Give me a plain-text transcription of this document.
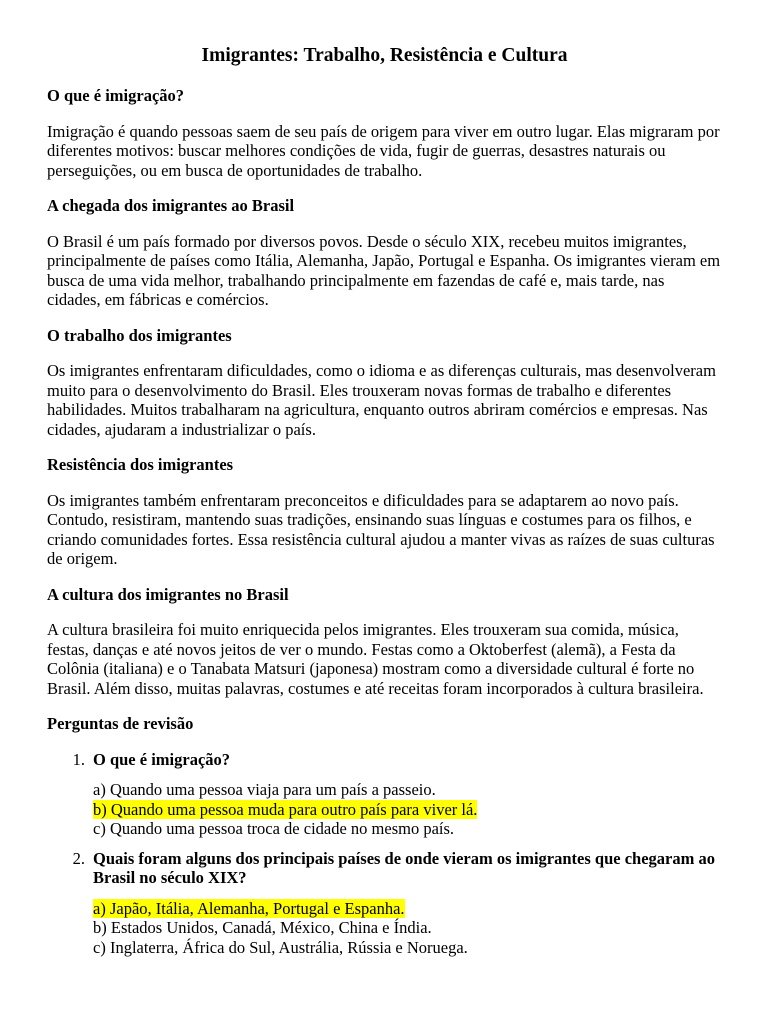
Imigrantes: Trabalho, Resistência e Cultura
O que é imigração?

Imigração é quando pessoas saem de seu país de origem para viver em outro lugar. Elas migraram por diferentes motivos: buscar melhores condições de vida, fugir de guerras, desastres naturais ou perseguições, ou em busca de oportunidades de trabalho.

A chegada dos imigrantes ao Brasil

O Brasil é um país formado por diversos povos. Desde o século XIX, recebeu muitos imigrantes, principalmente de países como Itália, Alemanha, Japão, Portugal e Espanha. Os imigrantes vieram em busca de uma vida melhor, trabalhando principalmente em fazendas de café e, mais tarde, nas cidades, em fábricas e comércios.

O trabalho dos imigrantes

Os imigrantes enfrentaram dificuldades, como o idioma e as diferenças culturais, mas desenvolveram muito para o desenvolvimento do Brasil. Eles trouxeram novas formas de trabalho e diferentes habilidades. Muitos trabalharam na agricultura, enquanto outros abriram comércios e empresas. Nas cidades, ajudaram a industrializar o país.

Resistência dos imigrantes

Os imigrantes também enfrentaram preconceitos e dificuldades para se adaptarem ao novo país. Contudo, resistiram, mantendo suas tradições, ensinando suas línguas e costumes para os filhos, e criando comunidades fortes. Essa resistência cultural ajudou a manter vivas as raízes de suas culturas de origem.

A cultura dos imigrantes no Brasil

A cultura brasileira foi muito enriquecida pelos imigrantes. Eles trouxeram sua comida, música, festas, danças e até novos jeitos de ver o mundo. Festas como a Oktoberfest (alemã), a Festa da Colônia (italiana) e o Tanabata Matsuri (japonesa) mostram como a diversidade cultural é forte no Brasil. Além disso, muitas palavras, costumes e até receitas foram incorporados à cultura brasileira.

Perguntas de revisão
1. O que é imigração?
a) Quando uma pessoa viaja para um país a passeio.
b) Quando uma pessoa muda para outro país para viver lá.
c) Quando uma pessoa troca de cidade no mesmo país.
2. Quais foram alguns dos principais países de onde vieram os imigrantes que chegaram ao Brasil no século XIX?
a) Japão, Itália, Alemanha, Portugal e Espanha.
b) Estados Unidos, Canadá, México, China e Índia.
c) Inglaterra, África do Sul, Austrália, Rússia e Noruega.
